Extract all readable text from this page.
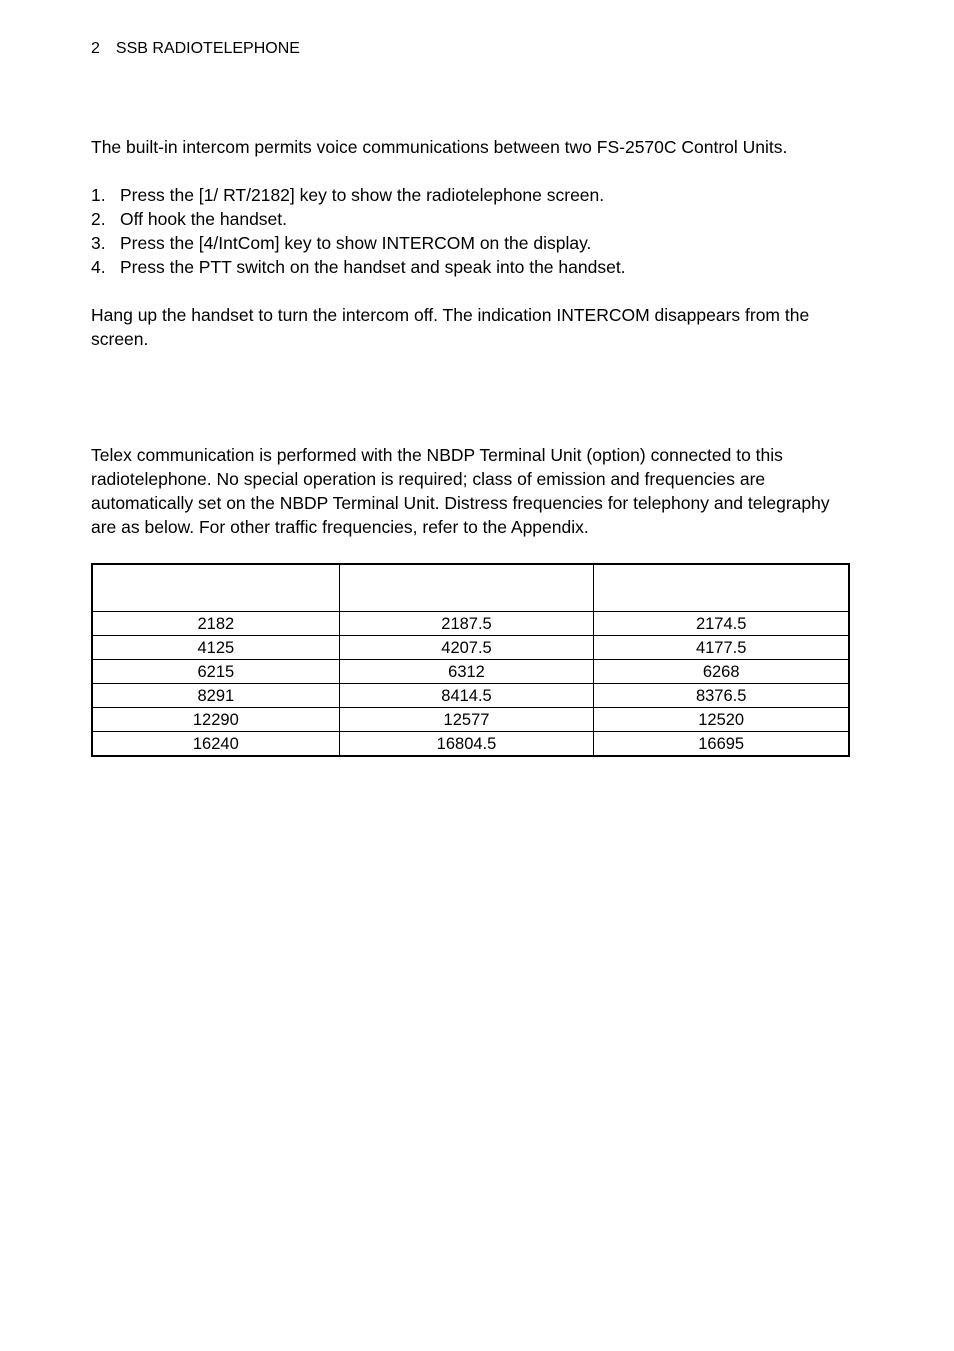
2 SSB RADIOTELEPHONE

The built-in intercom permits voice communications between two FS-2570C Control Units.

1. Press the [1/ RT/2182] key to show the radiotelephone screen.
2. Off hook the handset.
3. Press the [4/IntCom] key to show INTERCOM on the display.
4. Press the PTT switch on the handset and speak into the handset.

Hang up the handset to turn the intercom off. The indication INTERCOM disappears from the screen.

Telex communication is performed with the NBDP Terminal Unit (option) connected to this radiotelephone. No special operation is required; class of emission and frequencies are automatically set on the NBDP Terminal Unit. Distress frequencies for telephony and telegraphy are as below. For other traffic frequencies, refer to the Appendix.

2182	2187.5	2174.5
4125	4207.5	4177.5
6215	6312	6268
8291	8414.5	8376.5
12290	12577	12520
16240	16804.5	16695
